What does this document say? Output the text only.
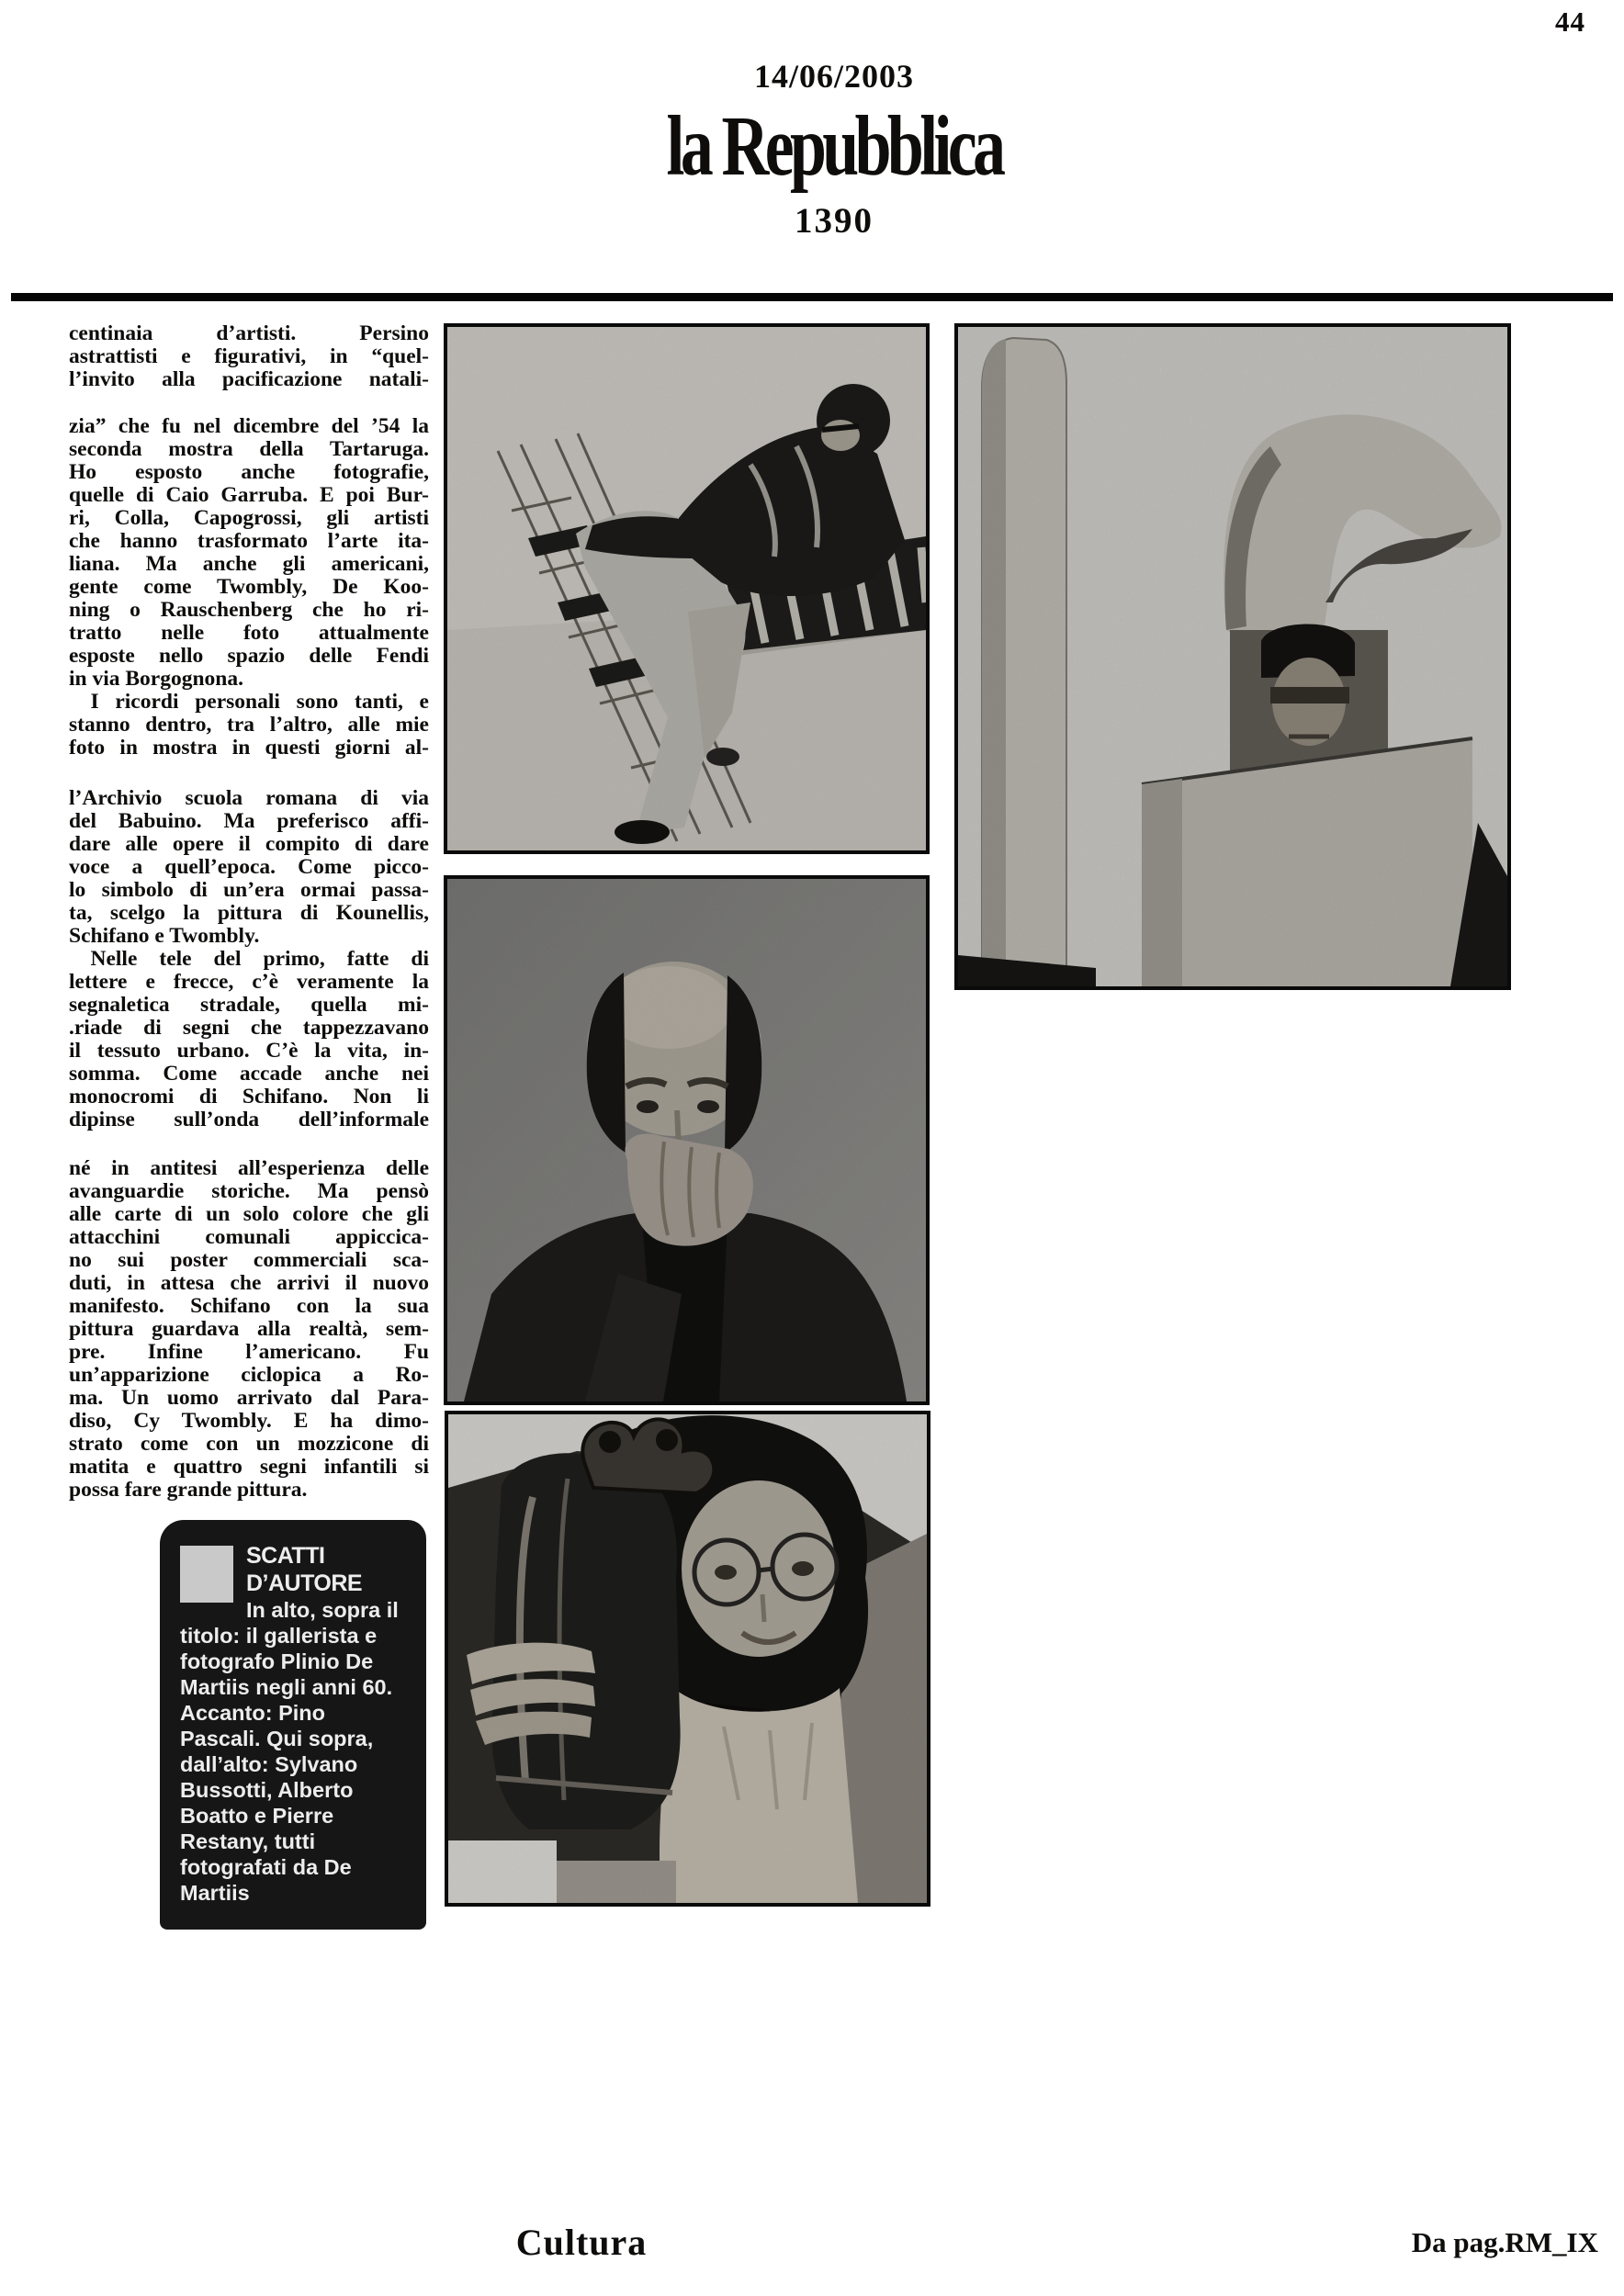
44
14/06/2003
la Repubblica
1390
centinaia d’artisti. Persino
astrattisti e figurativi, in “quel-
l’invito alla pacificazione natali-
zia” che fu nel dicembre del ’54 la
seconda mostra della Tartaruga.
Ho esposto anche fotografie,
quelle di Caio Garruba. E poi Bur-
ri, Colla, Capogrossi, gli artisti
che hanno trasformato l’arte ita-
liana. Ma anche gli americani,
gente come Twombly, De Koo-
ning o Rauschenberg che ho ri-
tratto nelle foto attualmente
esposte nello spazio delle Fendi
in via Borgognona.
 I ricordi personali sono tanti, e
stanno dentro, tra l’altro, alle mie
foto in mostra in questi giorni al-
l’Archivio scuola romana di via
del Babuino. Ma preferisco affi-
dare alle opere il compito di dare
voce a quell’epoca. Come picco-
lo simbolo di un’era ormai passa-
ta, scelgo la pittura di Kounellis,
Schifano e Twombly.
 Nelle tele del primo, fatte di
lettere e frecce, c’è veramente la
segnaletica stradale, quella mi-
.riade di segni che tappezzavano
il tessuto urbano. C’è la vita, in-
somma. Come accade anche nei
monocromi di Schifano. Non li
dipinse sull’onda dell’informale
né in antitesi all’esperienza delle
avanguardie storiche. Ma pensò
alle carte di un solo colore che gli
attacchini comunali appiccica-
no sui poster commerciali sca-
duti, in attesa che arrivi il nuovo
manifesto. Schifano con la sua
pittura guardava alla realtà, sem-
pre. Infine l’americano. Fu
un’apparizione ciclopica a Ro-
ma. Un uomo arrivato dal Para-
diso, Cy Twombly. E ha dimo-
strato come con un mozzicone di
matita e quattro segni infantili si
possa fare grande pittura.
SCATTI D’AUTORE
In alto, sopra il titolo: il gallerista e fotografo Plinio De Martiis negli anni 60. Accanto: Pino Pascali. Qui sopra, dall’alto: Sylvano Bussotti, Alberto Boatto e Pierre Restany, tutti fotografati da De Martiis
Cultura	Da pag.RM_IX
